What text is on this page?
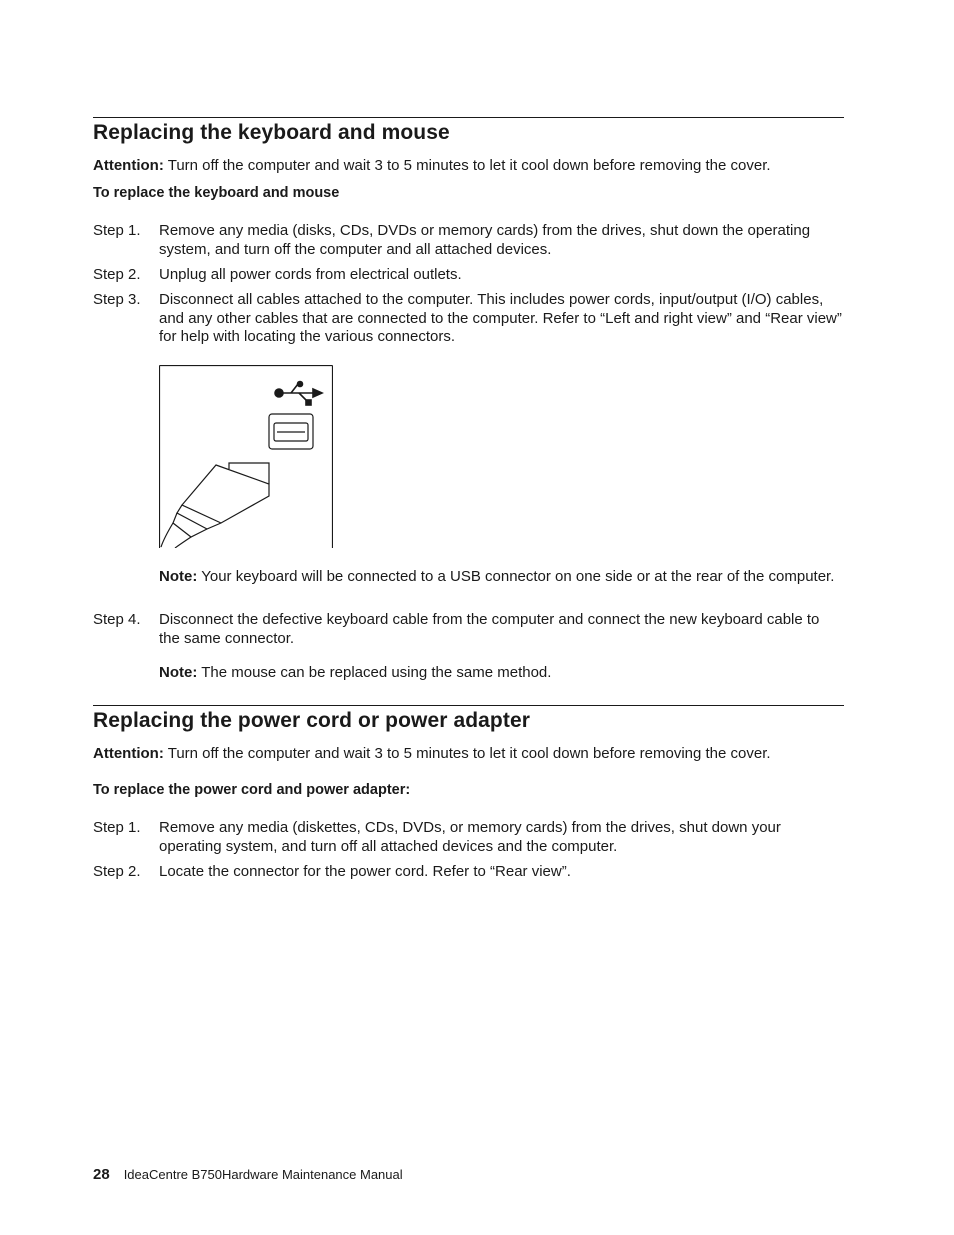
Replacing the keyboard and mouse

Attention: Turn off the computer and wait 3 to 5 minutes to let it cool down before removing the cover.

To replace the keyboard and mouse

Step 1.	Remove any media (disks, CDs, DVDs or memory cards) from the drives, shut down the operating system, and turn off the computer and all attached devices.
Step 2.	Unplug all power cords from electrical outlets.
Step 3.	Disconnect all cables attached to the computer. This includes power cords, input/output (I/O) cables, and any other cables that are connected to the computer. Refer to “Left and right view” and “Rear view” for help with locating the various connectors.
Note: Your keyboard will be connected to a USB connector on one side or at the rear of the computer.
Step 4.	Disconnect the defective keyboard cable from the computer and connect the new keyboard cable to the same connector.
Note: The mouse can be replaced using the same method.
Replacing the power cord or power adapter

Attention: Turn off the computer and wait 3 to 5 minutes to let it cool down before removing the cover.

To replace the power cord and power adapter:

Step 1.	Remove any media (diskettes, CDs, DVDs, or memory cards) from the drives, shut down your operating system, and turn off all attached devices and the computer.
Step 2.	Locate the connector for the power cord. Refer to “Rear view”.
28 IdeaCentre B750Hardware Maintenance Manual
